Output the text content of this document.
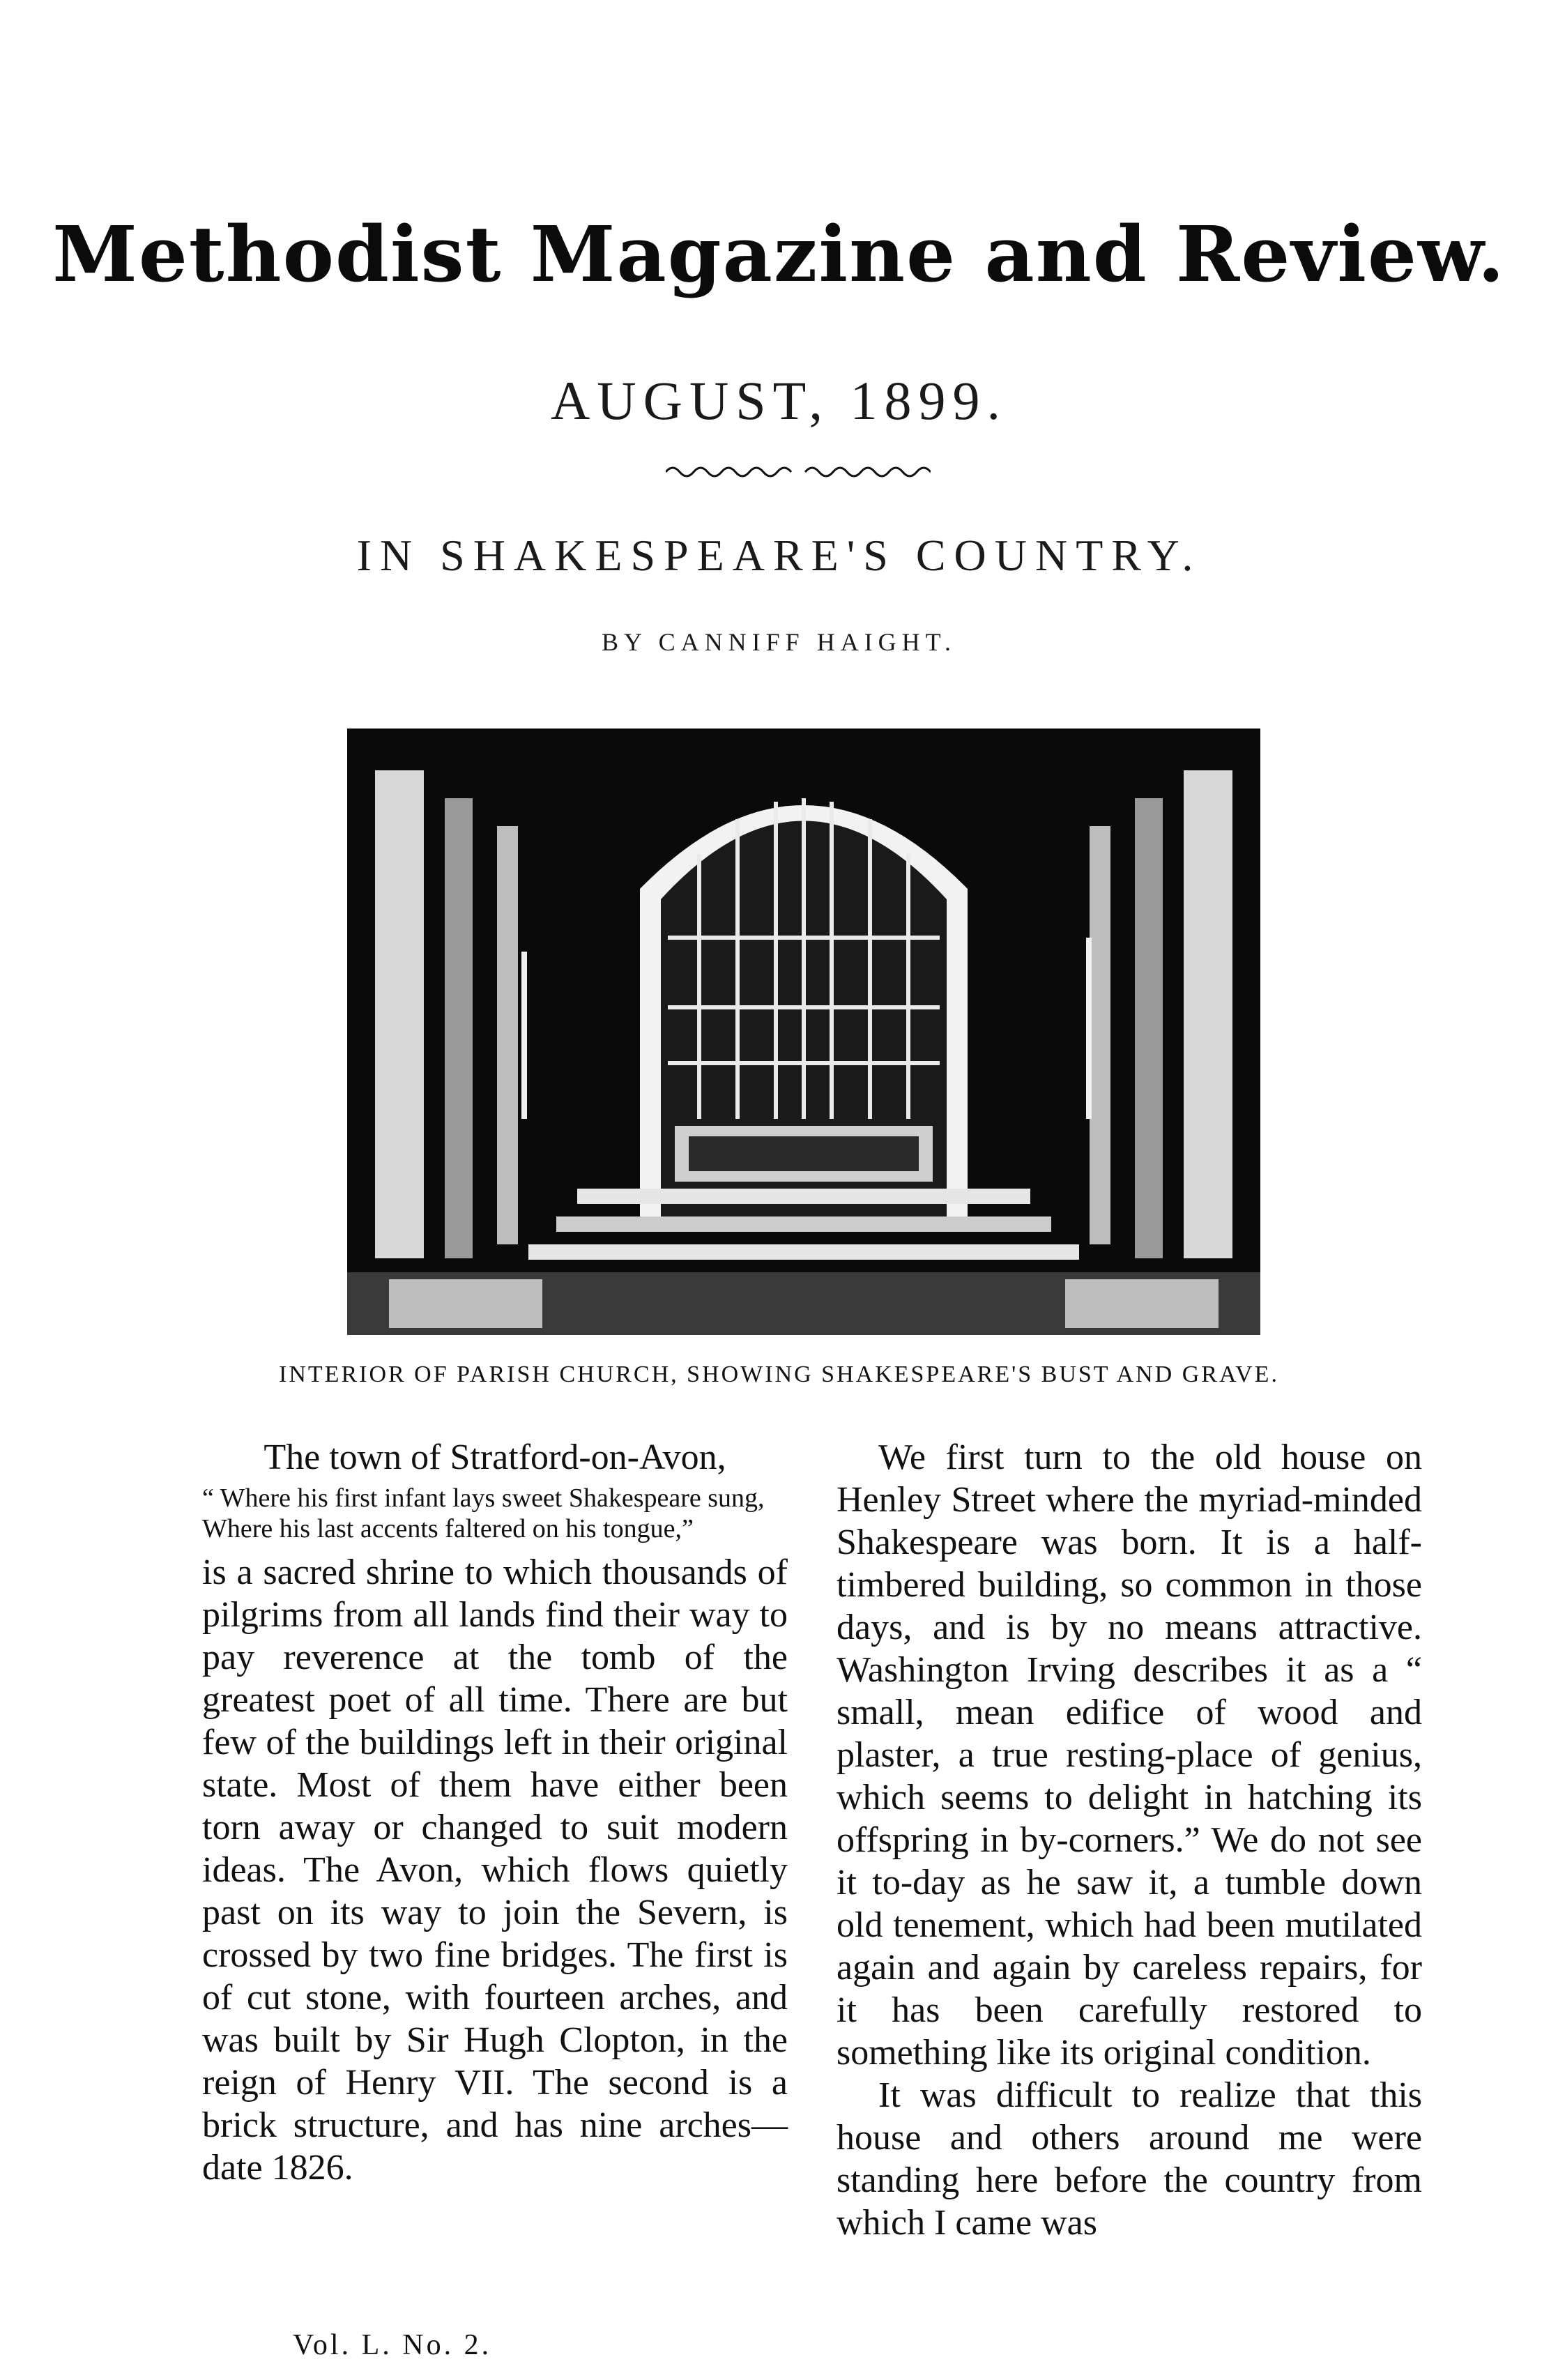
Methodist Magazine and Review.
AUGUST, 1899.
IN SHAKESPEARE'S COUNTRY.
BY CANNIFF HAIGHT.
INTERIOR OF PARISH CHURCH, SHOWING SHAKESPEARE'S BUST AND GRAVE.

The town of Stratford-on-Avon,

“ Where his first infant lays sweet Shakespeare sung,
Where his last accents faltered on his tongue,”

is a sacred shrine to which thousands of pilgrims from all lands find their way to pay reverence at the tomb of the greatest poet of all time. There are but few of the buildings left in their original state. Most of them have either been torn away or changed to suit modern ideas. The Avon, which flows quietly past on its way to join the Severn, is crossed by two fine bridges. The first is of cut stone, with fourteen arches, and was built by Sir Hugh Clopton, in the reign of Henry VII. The second is a brick structure, and has nine arches—date 1826.

We first turn to the old house on Henley Street where the myriad-minded Shakespeare was born. It is a half-timbered building, so common in those days, and is by no means attractive. Washington Irving describes it as a “ small, mean edifice of wood and plaster, a true resting-place of genius, which seems to delight in hatching its offspring in by-corners.” We do not see it to-day as he saw it, a tumble down old tenement, which had been mutilated again and again by careless repairs, for it has been carefully restored to something like its original condition.

It was difficult to realize that this house and others around me were standing here before the country from which I came was

Vol. L. No. 2.
